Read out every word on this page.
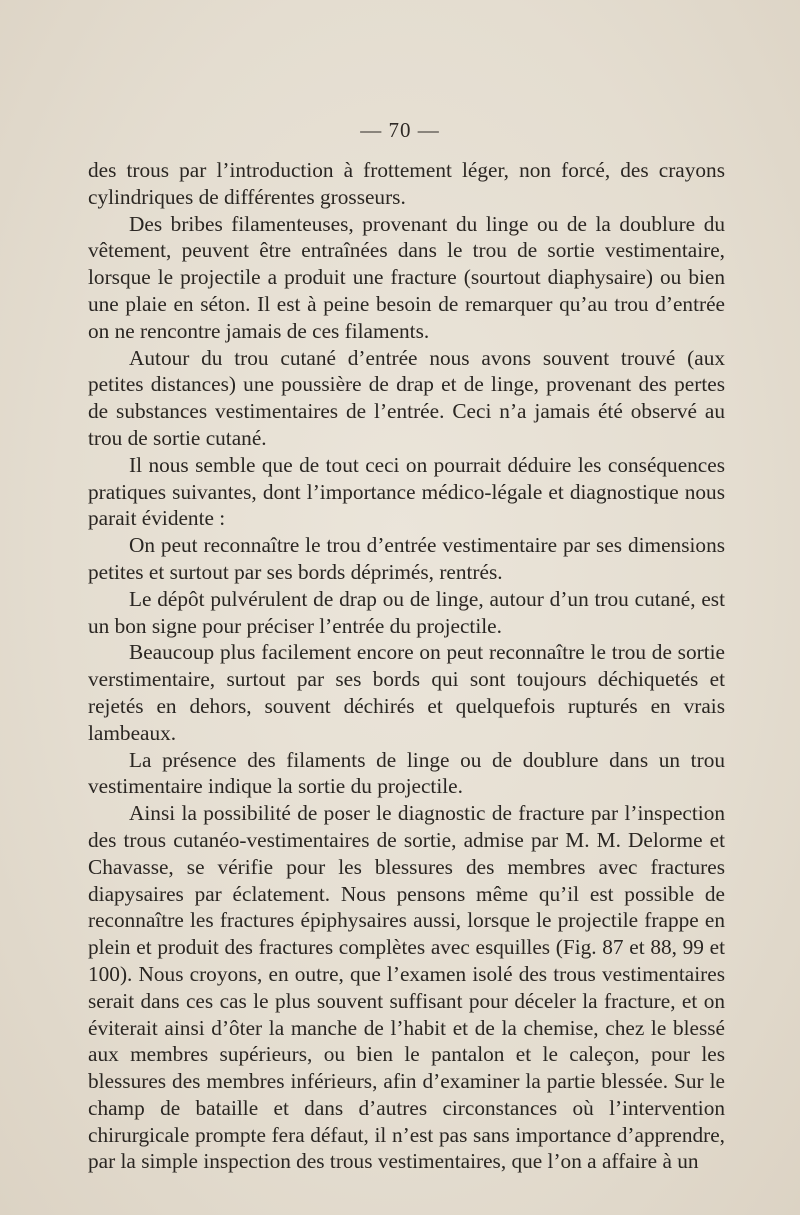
— 70 —

des trous par l’introduction à frottement léger, non forcé, des crayons cylindriques de différentes grosseurs.

Des bribes filamenteuses, provenant du linge ou de la doublure du vêtement, peuvent être entraînées dans le trou de sortie vestimentaire, lorsque le projectile a produit une fracture (sourtout diaphysaire) ou bien une plaie en séton. Il est à peine besoin de remarquer qu’au trou d’entrée on ne rencontre jamais de ces filaments.

Autour du trou cutané d’entrée nous avons souvent trouvé (aux petites distances) une poussière de drap et de linge, provenant des pertes de substances vestimentaires de l’entrée. Ceci n’a jamais été observé au trou de sortie cutané.

Il nous semble que de tout ceci on pourrait déduire les conséquences pratiques suivantes, dont l’importance médico-légale et diagnostique nous parait évidente :

On peut reconnaître le trou d’entrée vestimentaire par ses dimensions petites et surtout par ses bords déprimés, rentrés.

Le dépôt pulvérulent de drap ou de linge, autour d’un trou cutané, est un bon signe pour préciser l’entrée du projectile.

Beaucoup plus facilement encore on peut reconnaître le trou de sortie verstimentaire, surtout par ses bords qui sont toujours déchiquetés et rejetés en dehors, souvent déchirés et quelquefois rupturés en vrais lambeaux.

La présence des filaments de linge ou de doublure dans un trou vestimentaire indique la sortie du projectile.

Ainsi la possibilité de poser le diagnostic de fracture par l’inspection des trous cutanéo-vestimentaires de sortie, admise par M. M. Delorme et Chavasse, se vérifie pour les blessures des membres avec fractures diapysaires par éclatement. Nous pensons même qu’il est possible de reconnaître les fractures épiphysaires aussi, lorsque le projectile frappe en plein et produit des fractures complètes avec esquilles (Fig. 87 et 88, 99 et 100). Nous croyons, en outre, que l’examen isolé des trous vestimentaires serait dans ces cas le plus souvent suffisant pour déceler la fracture, et on éviterait ainsi d’ôter la manche de l’habit et de la chemise, chez le blessé aux membres supérieurs, ou bien le pantalon et le caleçon, pour les blessures des membres inférieurs, afin d’examiner la partie blessée. Sur le champ de bataille et dans d’autres circonstances où l’intervention chirurgicale prompte fera défaut, il n’est pas sans importance d’apprendre, par la simple inspection des trous vestimentaires, que l’on a affaire à un
